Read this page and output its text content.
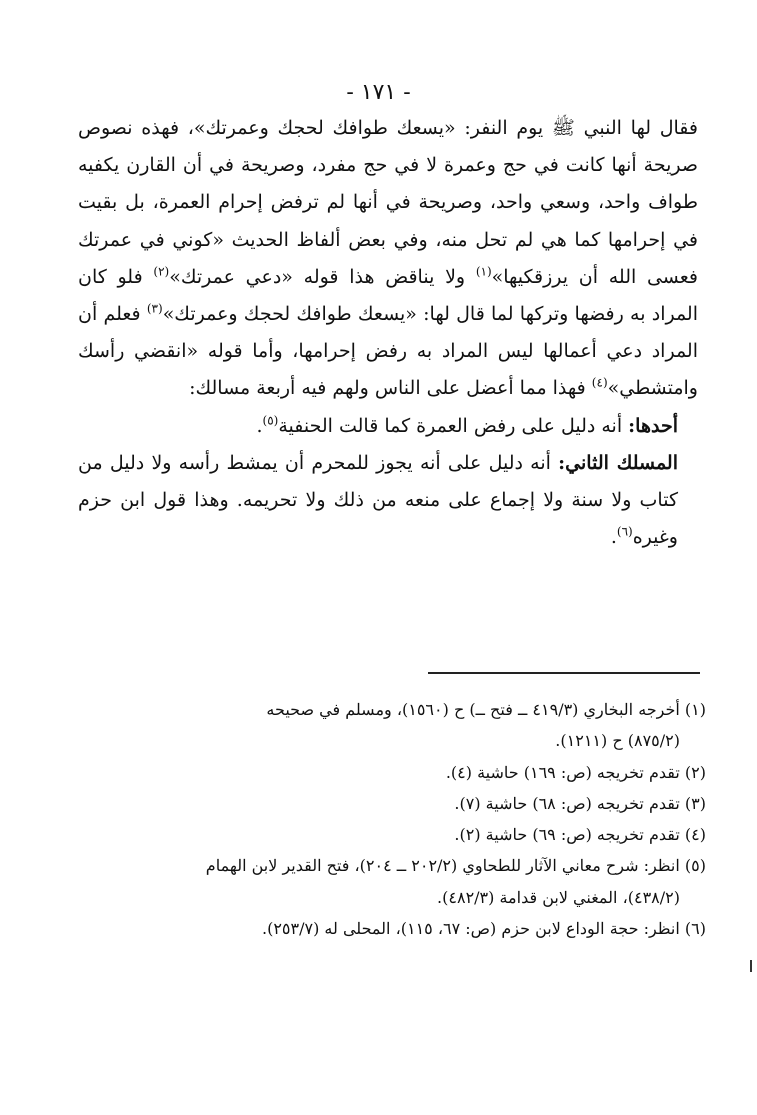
- ١٧١ -

فقال لها النبي ﷺ يوم النفر: «يسعك طوافك لحجك وعمرتك»، فهذه نصوص صريحة أنها كانت في حج وعمرة لا في حج مفرد، وصريحة في أن القارن يكفيه طواف واحد، وسعي واحد، وصريحة في أنها لم ترفض إحرام العمرة، بل بقيت في إحرامها كما هي لم تحل منه، وفي بعض ألفاظ الحديث «كوني في عمرتك فعسى الله أن يرزقكيها»$^{(١)}$ ولا يناقض هذا قوله «دعي عمرتك»$^{(٢)}$ فلو كان المراد به رفضها وتركها لما قال لها: «يسعك طوافك لحجك وعمرتك»$^{(٣)}$ فعلم أن المراد دعي أعمالها ليس المراد به رفض إحرامها، وأما قوله «انقضي رأسك وامتشطي»$^{(٤)}$ فهذا مما أعضل على الناس ولهم فيه أربعة مسالك:

أحدها: أنه دليل على رفض العمرة كما قالت الحنفية$^{(٥)}$.

المسلك الثاني: أنه دليل على أنه يجوز للمحرم أن يمشط رأسه ولا دليل من كتاب ولا سنة ولا إجماع على منعه من ذلك ولا تحريمه. وهذا قول ابن حزم وغيره$^{(٦)}$.

(١) أخرجه البخاري (٤١٩/٣ ــ فتح ــ) ح (١٥٦٠)، ومسلم في صحيحه
(٨٧٥/٢) ح (١٢١١).

(٢) تقدم تخريجه (ص: ١٦٩) حاشية (٤).

(٣) تقدم تخريجه (ص: ٦٨) حاشية (٧).

(٤) تقدم تخريجه (ص: ٦٩) حاشية (٢).

(٥) انظر: شرح معاني الآثار للطحاوي (٢٠٢/٢ ــ ٢٠٤)، فتح القدير لابن الهمام
(٤٣٨/٢)، المغني لابن قدامة (٤٨٢/٣).

(٦) انظر: حجة الوداع لابن حزم (ص: ٦٧، ١١٥)، المحلى له (٢٥٣/٧).
